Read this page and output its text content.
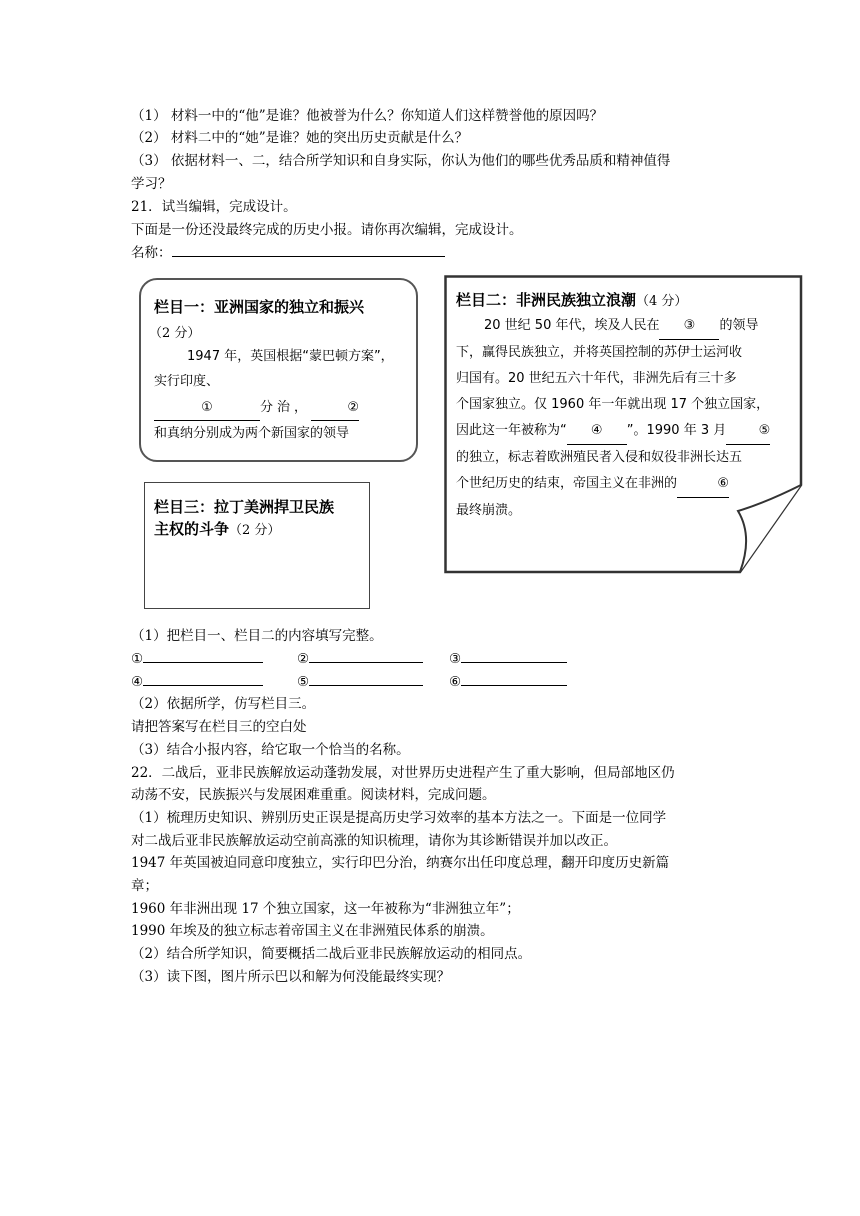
（1） 材料一中的“他”是谁？他被誉为什么？你知道人们这样赞誉他的原因吗？
（2） 材料二中的“她”是谁？她的突出历史贡献是什么？
（3） 依据材料一、二，结合所学知识和自身实际，你认为他们的哪些优秀品质和精神值得
学习？
21．试当编辑，完成设计。
下面是一份还没最终完成的历史小报。请你再次编辑，完成设计。
名称：
栏目一：亚洲国家的独立和振兴
（2 分）
1947 年，英国根据“蒙巴顿方案”，
实行印度、
①	分治，	②
和真纳分别成为两个新国家的领导
栏目二：非洲民族独立浪潮（4 分）
20 世纪 50 年代，埃及人民在 ③ 的领导
下，赢得民族独立，并将英国控制的苏伊士运河收
归国有。20 世纪五六十年代，非洲先后有三十多
个国家独立。仅 1960 年一年就出现 17 个独立国家，
因此这一年被称为“ ④ ”。1990 年 3 月 ⑤
的独立，标志着欧洲殖民者入侵和奴役非洲长达五
个世纪历史的结束，帝国主义在非洲的	⑥
最终崩溃。
栏目三：拉丁美洲捍卫民族
主权的斗争（2 分）
（1）把栏目一、栏目二的内容填写完整。
①	②	③
④	⑤	⑥
（2）依据所学，仿写栏目三。
请把答案写在栏目三的空白处
（3）结合小报内容，给它取一个恰当的名称。
22．二战后，亚非民族解放运动蓬勃发展，对世界历史进程产生了重大影响，但局部地区仍
动荡不安，民族振兴与发展困难重重。阅读材料，完成问题。
（1）梳理历史知识、辨别历史正误是提高历史学习效率的基本方法之一。下面是一位同学
对二战后亚非民族解放运动空前高涨的知识梳理，请你为其诊断错误并加以改正。
1947 年英国被迫同意印度独立，实行印巴分治，纳赛尔出任印度总理，翻开印度历史新篇
章；
1960 年非洲出现 17 个独立国家，这一年被称为“非洲独立年”；
1990 年埃及的独立标志着帝国主义在非洲殖民体系的崩溃。
（2）结合所学知识，简要概括二战后亚非民族解放运动的相同点。
（3）读下图，图片所示巴以和解为何没能最终实现？
